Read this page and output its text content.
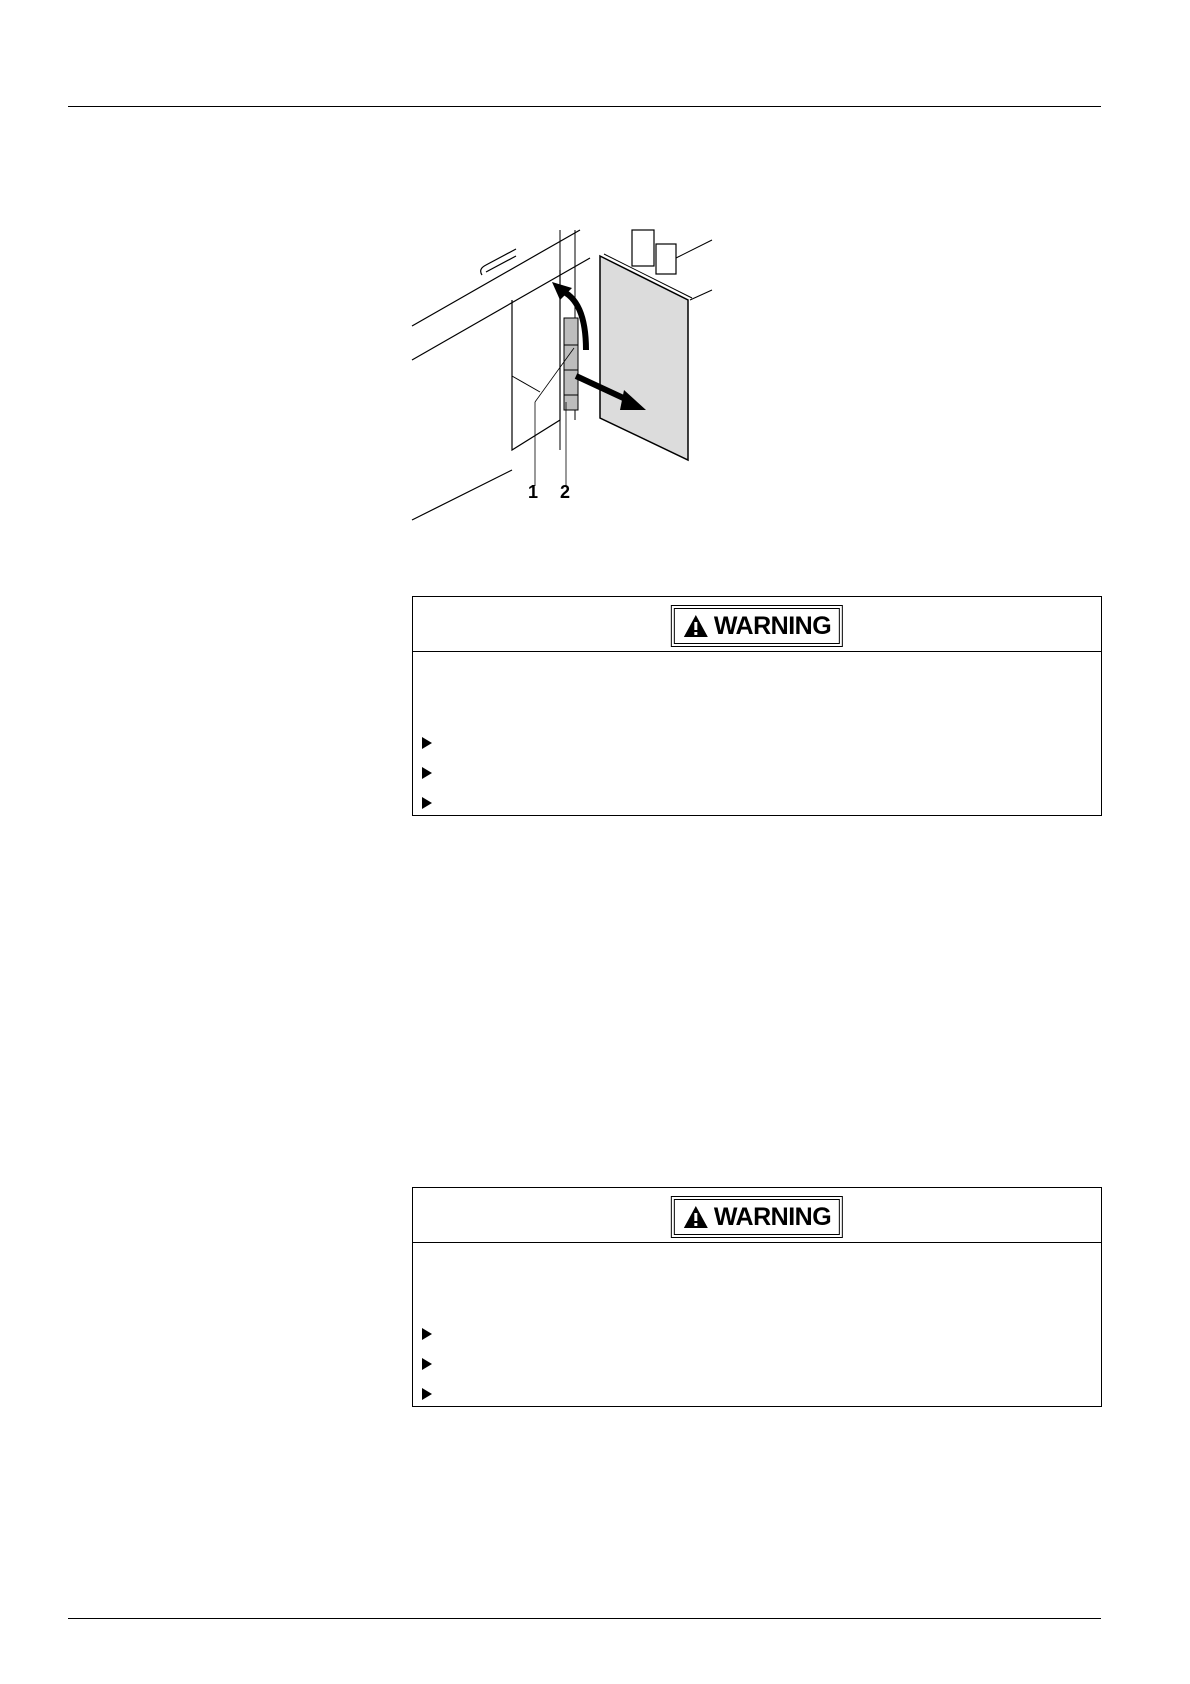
1 2
WARNING
WARNING
